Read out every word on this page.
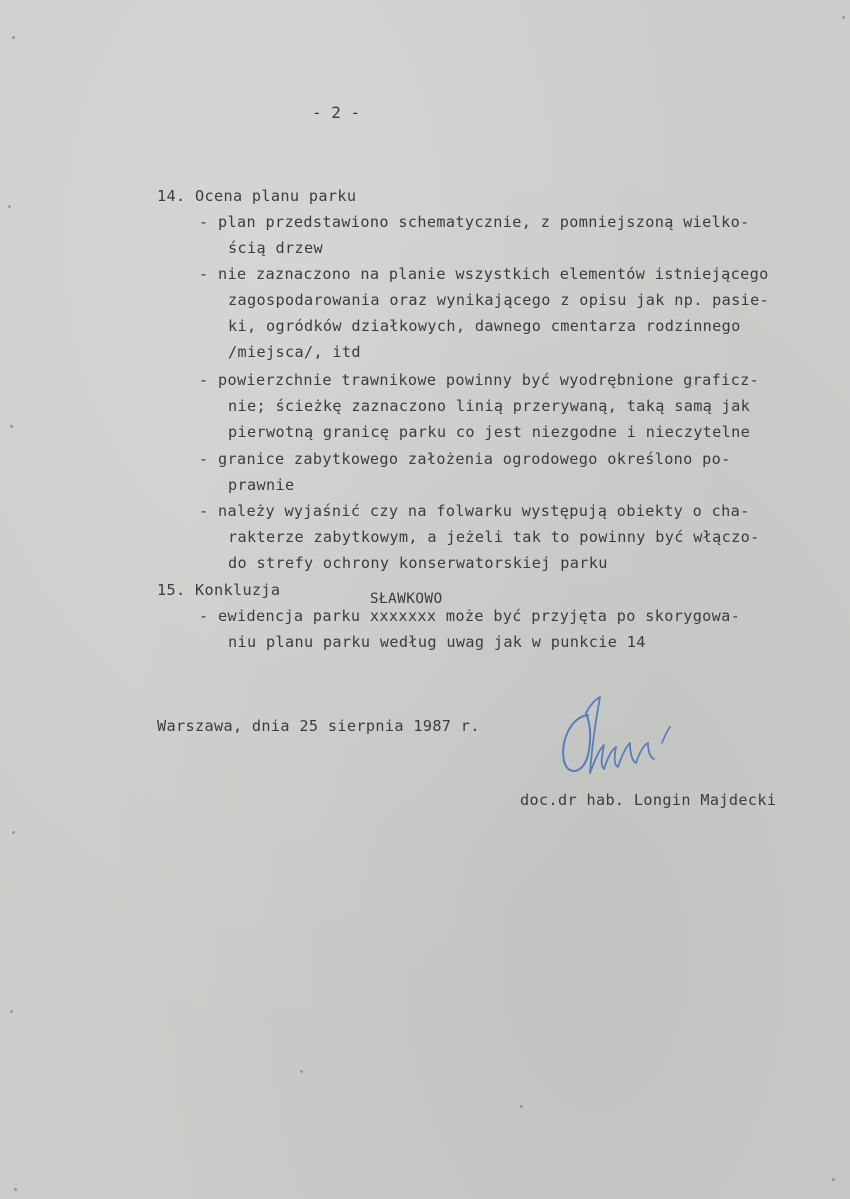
- 2 -
14. Ocena planu parku
- plan przedstawiono schematycznie, z pomniejszoną wielko-
ścią drzew
- nie zaznaczono na planie wszystkich elementów istniejącego
zagospodarowania oraz wynikającego z opisu jak np. pasie-
ki, ogródków działkowych, dawnego cmentarza rodzinnego
/miejsca/, itd
- powierzchnie trawnikowe powinny być wyodrębnione graficz-
nie; ścieżkę zaznaczono linią przerywaną, taką samą jak
pierwotną granicę parku co jest niezgodne i nieczytelne
- granice zabytkowego założenia ogrodowego określono po-
prawnie
- należy wyjaśnić czy na folwarku występują obiekty o cha-
rakterze zabytkowym, a jeżeli tak to powinny być włączo-
do strefy ochrony konserwatorskiej parku
15. Konkluzja
- ewidencja parku xxxxxxx
SŁAWKOWO
może być przyjęta po skorygowa-
niu planu parku według uwag jak w punkcie 14
Warszawa, dnia 25 sierpnia 1987 r.
doc.dr hab. Longin Majdecki
